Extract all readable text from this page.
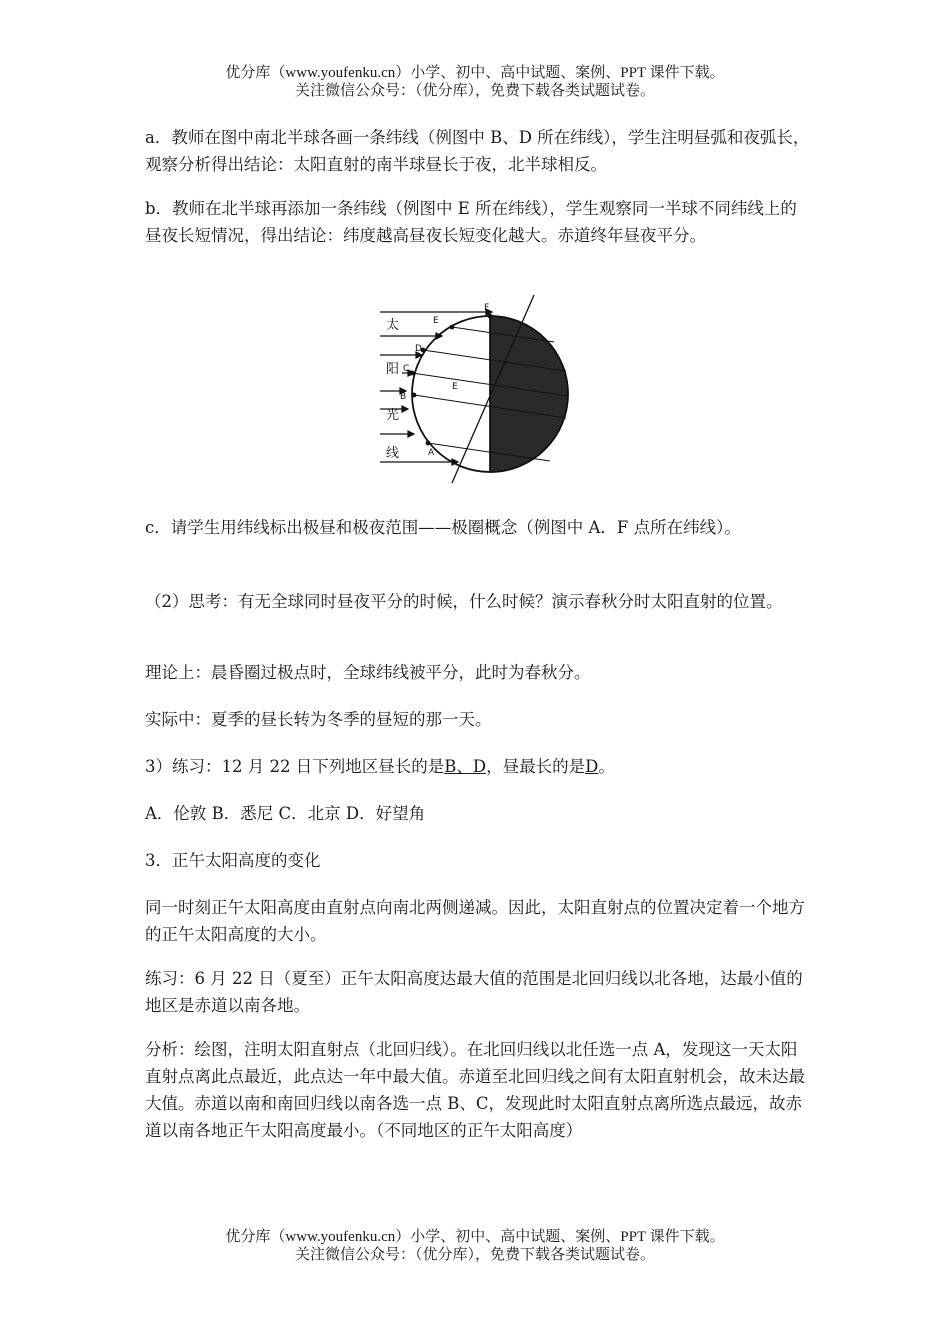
优分库（www.youfenku.cn）小学、初中、高中试题、案例、PPT 课件下载。
关注微信公众号：（优分库），免费下载各类试题试卷。
a．教师在图中南北半球各画一条纬线（例图中 B、D 所在纬线），学生注明昼弧和夜弧长，观察分析得出结论：太阳直射的南半球昼长于夜，北半球相反。
b．教师在北半球再添加一条纬线（例图中 E 所在纬线），学生观察同一半球不同纬线上的昼夜长短情况，得出结论：纬度越高昼夜长短变化越大。赤道终年昼夜平分。
太
阳
光
线
F
E
D
C
B
A
E
c．请学生用纬线标出极昼和极夜范围——极圈概念（例图中 A．F 点所在纬线）。
（2）思考：有无全球同时昼夜平分的时候，什么时候？演示春秋分时太阳直射的位置。
理论上：晨昏圈过极点时，全球纬线被平分，此时为春秋分。
实际中：夏季的昼长转为冬季的昼短的那一天。
3）练习：12 月 22 日下列地区昼长的是B、D，昼最长的是D。
A．伦敦 B．悉尼 C．北京 D．好望角
3．正午太阳高度的变化
同一时刻正午太阳高度由直射点向南北两侧递减。因此，太阳直射点的位置决定着一个地方的正午太阳高度的大小。
练习：6 月 22 日（夏至）正午太阳高度达最大值的范围是北回归线以北各地，达最小值的地区是赤道以南各地。
分析：绘图，注明太阳直射点（北回归线）。在北回归线以北任选一点 A，发现这一天太阳直射点离此点最近，此点达一年中最大值。赤道至北回归线之间有太阳直射机会，故未达最大值。赤道以南和南回归线以南各选一点 B、C，发现此时太阳直射点离所选点最远，故赤道以南各地正午太阳高度最小。（不同地区的正午太阳高度）
优分库（www.youfenku.cn）小学、初中、高中试题、案例、PPT 课件下载。
关注微信公众号：（优分库），免费下载各类试题试卷。
